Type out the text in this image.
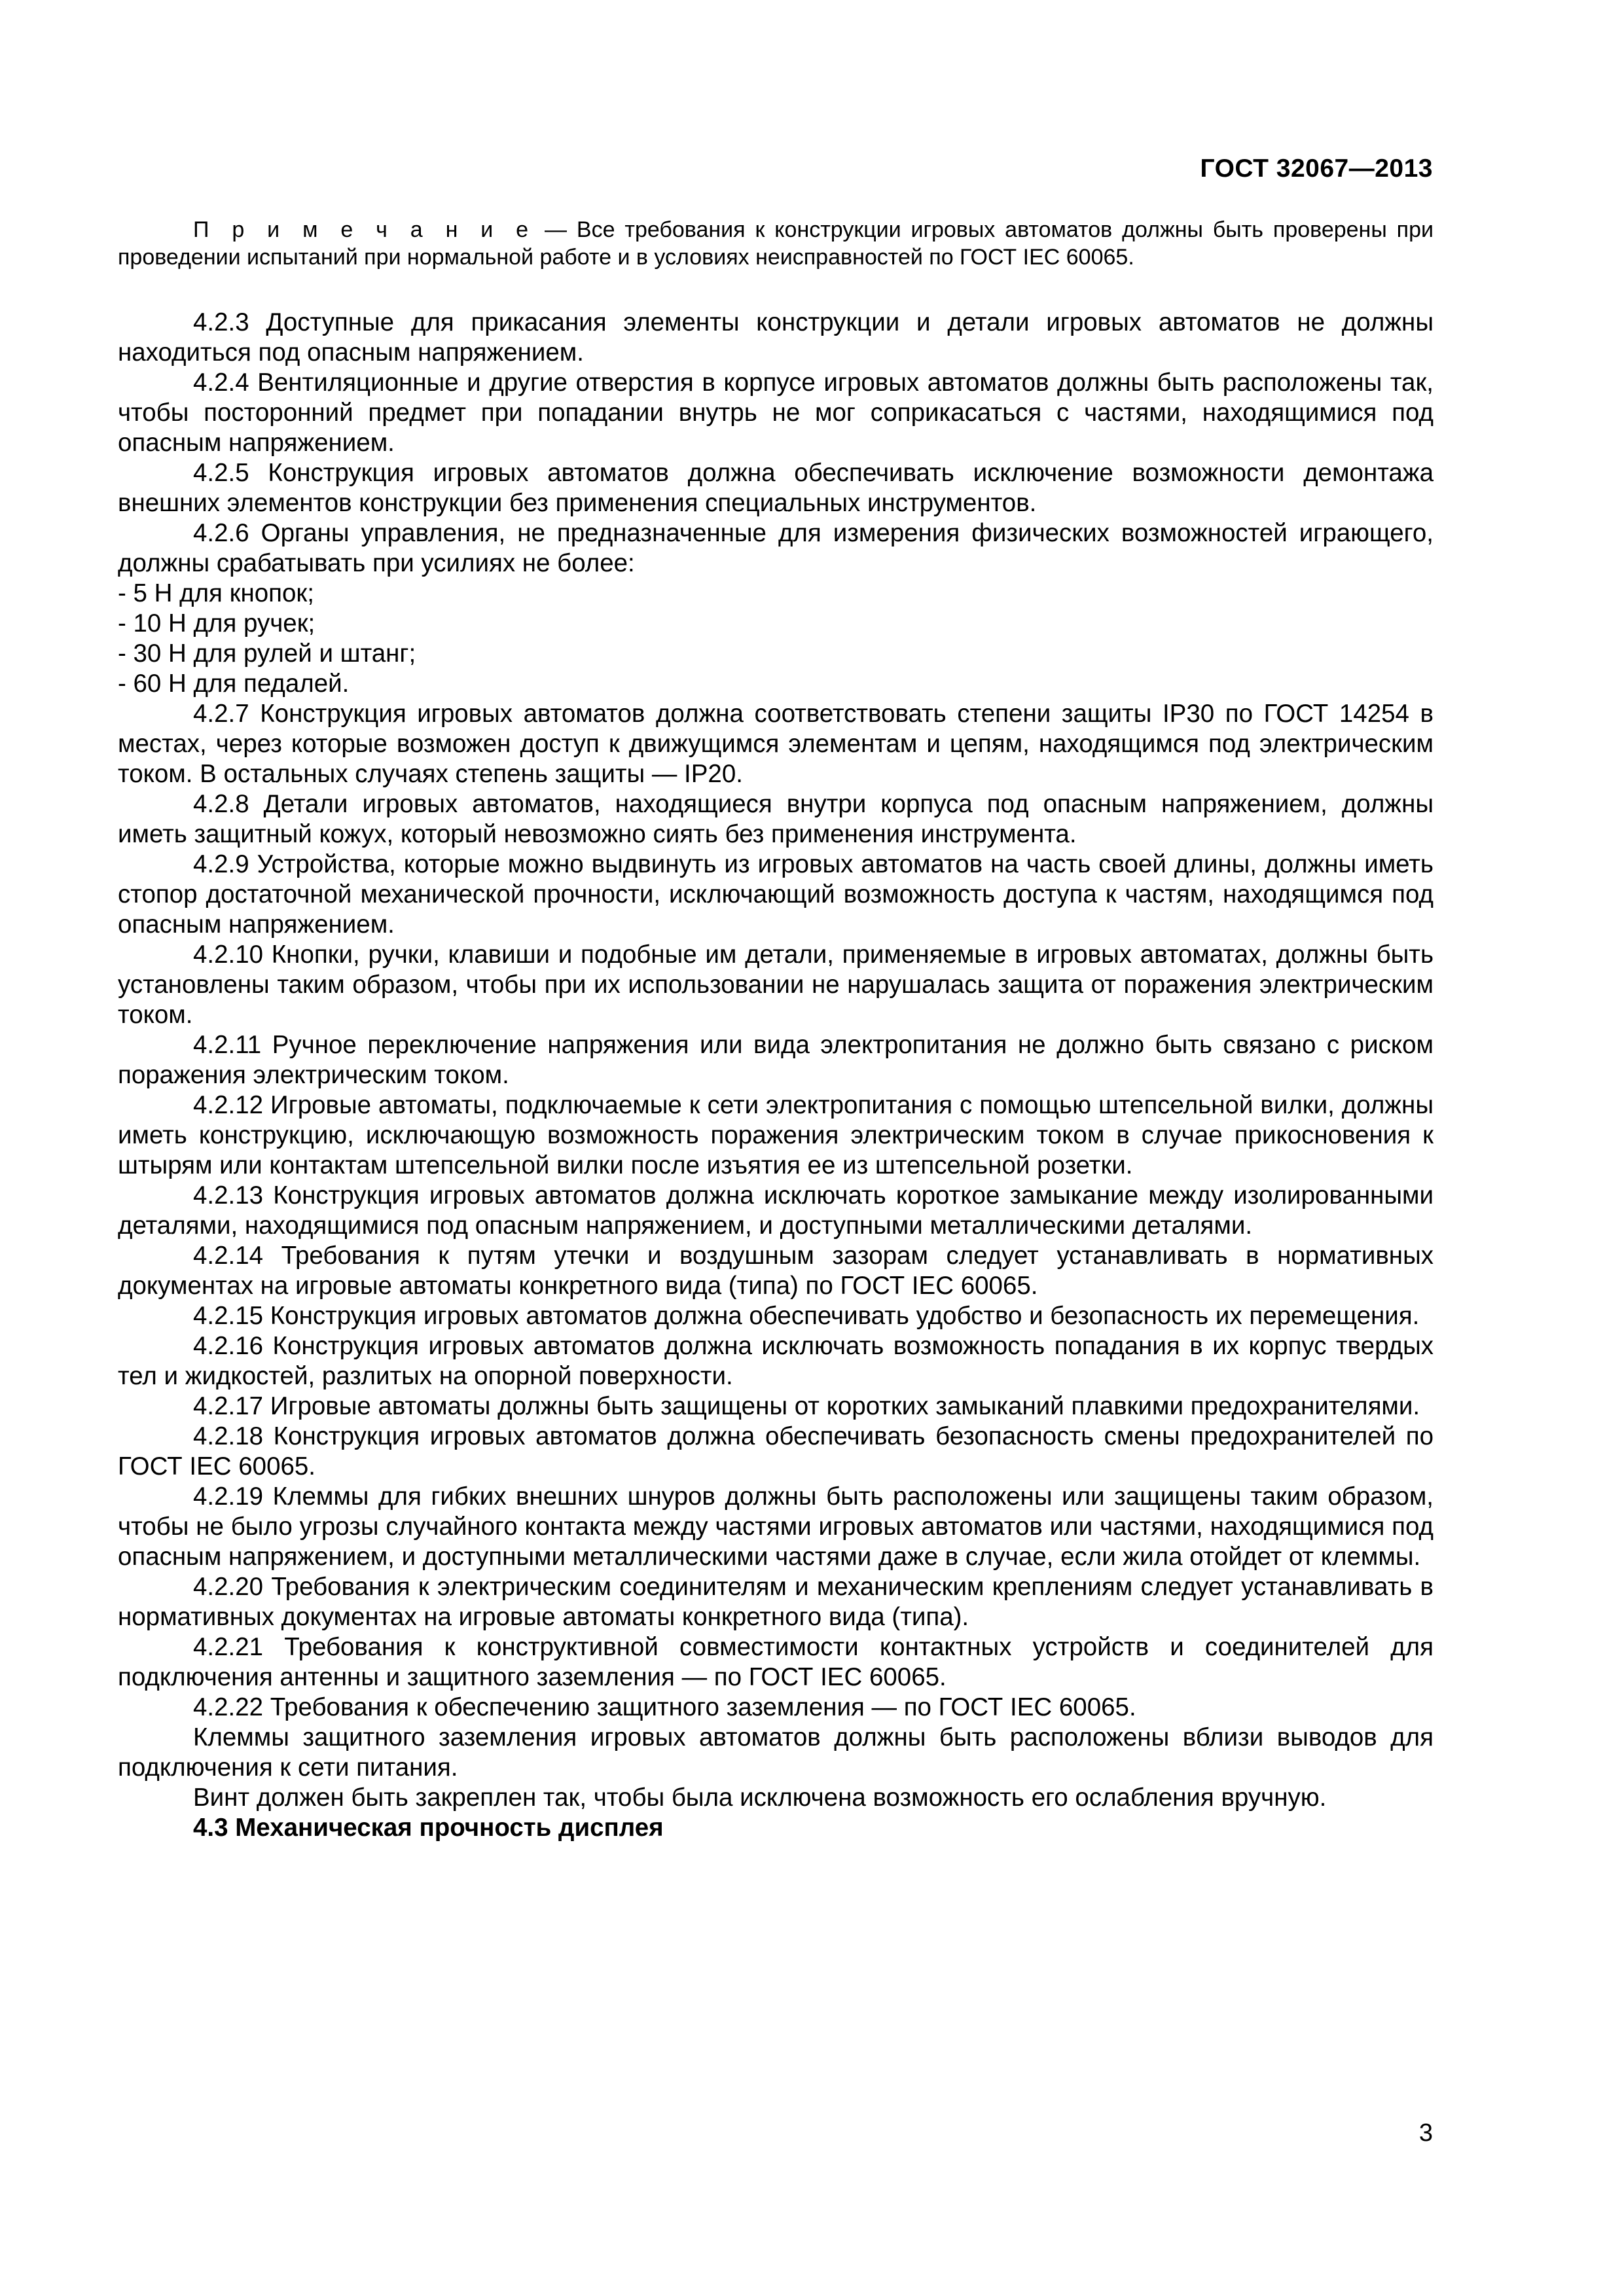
ГОСТ 32067—2013

П р и м е ч а н и е — Все требования к конструкции игровых автоматов должны быть проверены при проведении испытаний при нормальной работе и в условиях неисправностей по ГОСТ IEC 60065.

4.2.3 Доступные для прикасания элементы конструкции и детали игровых автоматов не должны находиться под опасным напряжением.

4.2.4 Вентиляционные и другие отверстия в корпусе игровых автоматов должны быть расположены так, чтобы посторонний предмет при попадании внутрь не мог соприкасаться с частями, находящимися под опасным напряжением.

4.2.5 Конструкция игровых автоматов должна обеспечивать исключение возможности демонтажа внешних элементов конструкции без применения специальных инструментов.

4.2.6 Органы управления, не предназначенные для измерения физических возможностей играющего, должны срабатывать при усилиях не более:

- 5 Н для кнопок;

- 10 Н для ручек;

- 30 Н для рулей и штанг;

- 60 Н для педалей.

4.2.7 Конструкция игровых автоматов должна соответствовать степени защиты IP30 по ГОСТ 14254 в местах, через которые возможен доступ к движущимся элементам и цепям, находящимся под электрическим током. В остальных случаях степень защиты — IP20.

4.2.8 Детали игровых автоматов, находящиеся внутри корпуса под опасным напряжением, должны иметь защитный кожух, который невозможно сиять без применения инструмента.

4.2.9 Устройства, которые можно выдвинуть из игровых автоматов на часть своей длины, должны иметь стопор достаточной механической прочности, исключающий возможность доступа к частям, находящимся под опасным напряжением.

4.2.10 Кнопки, ручки, клавиши и подобные им детали, применяемые в игровых автоматах, должны быть установлены таким образом, чтобы при их использовании не нарушалась защита от поражения электрическим током.

4.2.11 Ручное переключение напряжения или вида электропитания не должно быть связано с риском поражения электрическим током.

4.2.12 Игровые автоматы, подключаемые к сети электропитания с помощью штепсельной вилки, должны иметь конструкцию, исключающую возможность поражения электрическим током в случае прикосновения к штырям или контактам штепсельной вилки после изъятия ее из штепсельной розетки.

4.2.13 Конструкция игровых автоматов должна исключать короткое замыкание между изолированными деталями, находящимися под опасным напряжением, и доступными металлическими деталями.

4.2.14 Требования к путям утечки и воздушным зазорам следует устанавливать в нормативных документах на игровые автоматы конкретного вида (типа) по ГОСТ IEC 60065.

4.2.15 Конструкция игровых автоматов должна обеспечивать удобство и безопасность их перемещения.

4.2.16 Конструкция игровых автоматов должна исключать возможность попадания в их корпус твердых тел и жидкостей, разлитых на опорной поверхности.

4.2.17 Игровые автоматы должны быть защищены от коротких замыканий плавкими предохранителями.

4.2.18 Конструкция игровых автоматов должна обеспечивать безопасность смены предохранителей по ГОСТ IEC 60065.

4.2.19 Клеммы для гибких внешних шнуров должны быть расположены или защищены таким образом, чтобы не было угрозы случайного контакта между частями игровых автоматов или частями, находящимися под опасным напряжением, и доступными металлическими частями даже в случае, если жила отойдет от клеммы.

4.2.20 Требования к электрическим соединителям и механическим креплениям следует устанавливать в нормативных документах на игровые автоматы конкретного вида (типа).

4.2.21 Требования к конструктивной совместимости контактных устройств и соединителей для подключения антенны и защитного заземления — по ГОСТ IEC 60065.

4.2.22 Требования к обеспечению защитного заземления — по ГОСТ IEC 60065.

Клеммы защитного заземления игровых автоматов должны быть расположены вблизи выводов для подключения к сети питания.

Винт должен быть закреплен так, чтобы была исключена возможность его ослабления вручную.

4.3 Механическая прочность дисплея

3
